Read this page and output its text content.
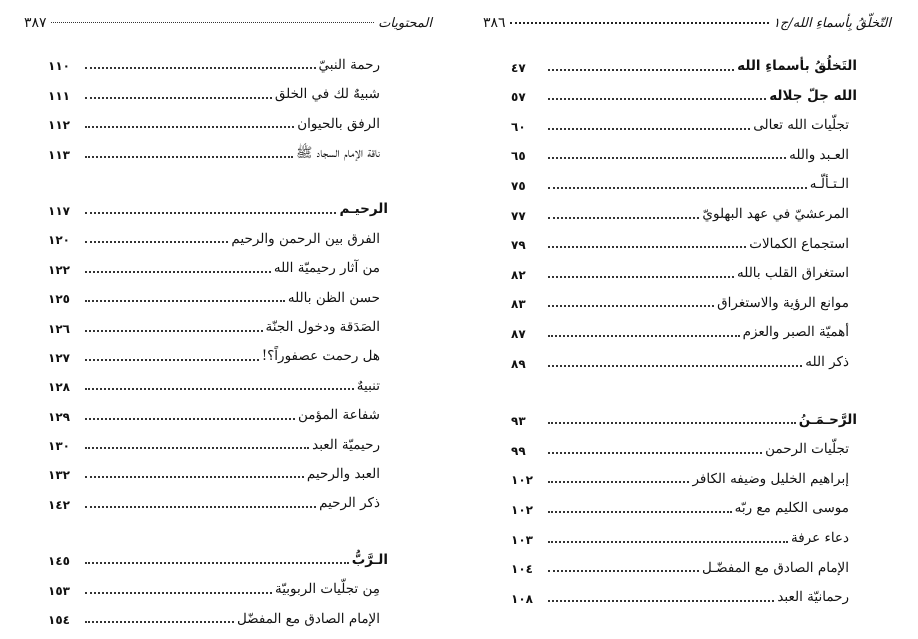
المحتويات
٣٨٧
رحمة النبيّ
١١٠
شبيهٌ لك في الخلق
١١١
الرفق بالحيوان
١١٢
ناقة الإمام السجاد ﷺ
١١٣
الرحيـم
١١٧
الفرق بين الرحمن والرحيم
١٢٠
من آثار رحيميّة الله
١٢٢
حسن الظن بالله
١٢٥
الصَدَقة ودخول الجنّة
١٢٦
هل رحمت عصفوراً؟!
١٢٧
تنبيهٌ
١٢٨
شفاعة المؤمن
١٢٩
رحيميّة العبد
١٣٠
العبد والرحيم
١٣٢
ذكر الرحيم
١٤٢
الـرَّبُّ
١٤٥
مِن تجلّيات الربوبيّة
١٥٣
الإمام الصادق مع المفضّل
١٥٤
التّخلّقُ بِأسماءِ الله/ج١
٣٨٦
التَخلُقُ بأسماءِ الله
٤٧
الله جلّ جلاله
٥٧
تجلّيات الله تعالى
٦٠
العـبد والله
٦٥
الـتـألّـه
٧٥
المرعشيّ في عهد البهلويّ
٧٧
استجماع الكمالات
٧٩
استغراق القلب بالله
٨٢
موانع الرؤية والاستغراق
٨٣
أهميّة الصبر والعزم
٨٧
ذكر الله
٨٩
الرَّحـمَـنُ
٩٣
تجلّيات الرحمن
٩٩
إبراهيم الخليل وضيفه الكافر
١٠٢
موسى الكليم مع ربّه
١٠٢
دعاء عرفة
١٠٣
الإمام الصادق مع المفضّـل
١٠٤
رحمانيّة العبد
١٠٨
